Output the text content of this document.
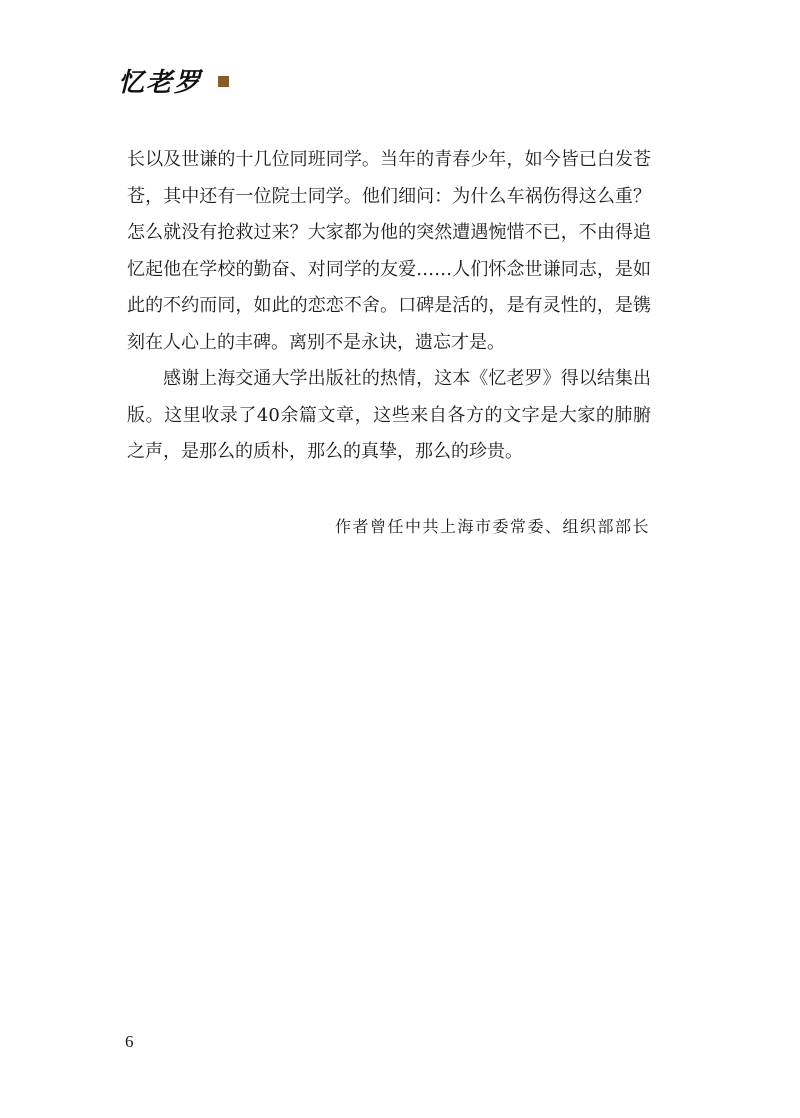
忆老罗

长以及世谦的十几位同班同学。当年的青春少年，如今皆已白发苍苍，其中还有一位院士同学。他们细问：为什么车祸伤得这么重？怎么就没有抢救过来？大家都为他的突然遭遇惋惜不已，不由得追忆起他在学校的勤奋、对同学的友爱……人们怀念世谦同志，是如此的不约而同，如此的恋恋不舍。口碑是活的，是有灵性的，是镌刻在人心上的丰碑。离别不是永诀，遗忘才是。

感谢上海交通大学出版社的热情，这本《忆老罗》得以结集出版。这里收录了40余篇文章，这些来自各方的文字是大家的肺腑之声，是那么的质朴，那么的真挚，那么的珍贵。

作者曾任中共上海市委常委、组织部部长
6
